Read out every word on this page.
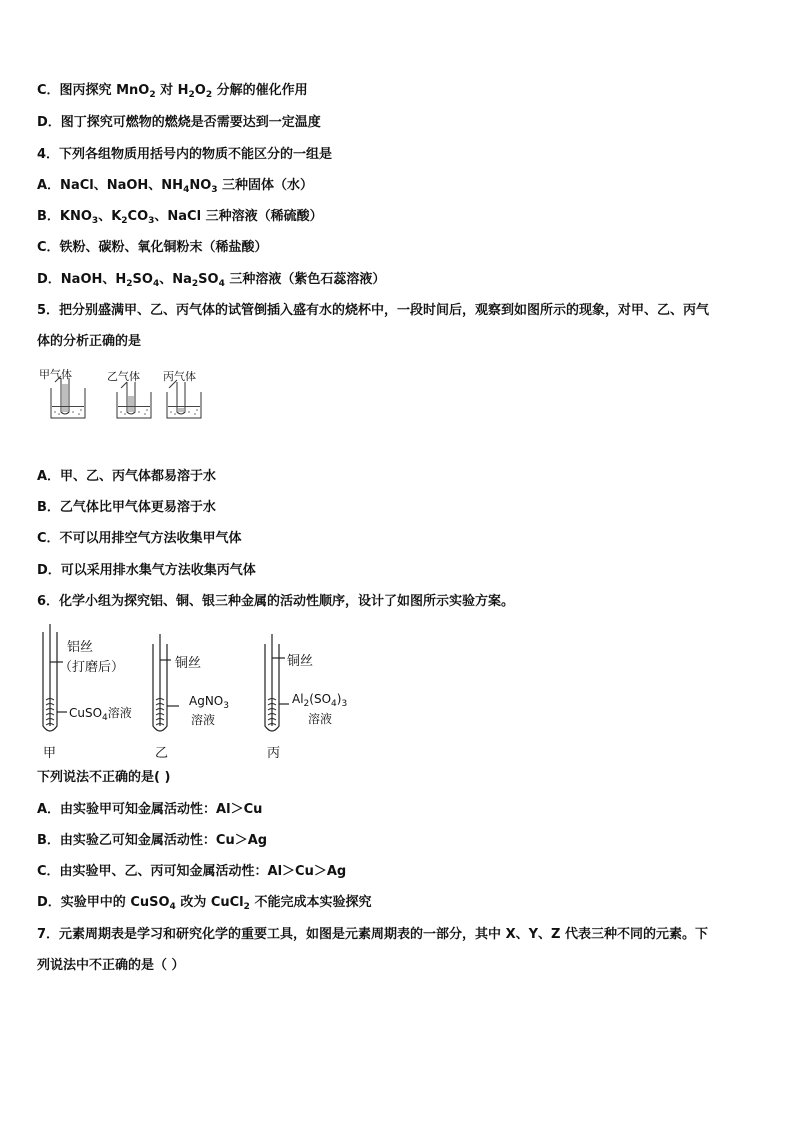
C．图丙探究 MnO$_2$ 对 $H_2O_2$ 分解的催化作用
D．图丁探究可燃物的燃烧是否需要达到一定温度
4．下列各组物质用括号内的物质不能区分的一组是
A．NaCl、NaOH、$NH_4NO_3$ 三种固体（水）
B．$KNO_3$、$K_2CO_3$、NaCl 三种溶液（稀硫酸）
C．铁粉、碳粉、氧化铜粉末（稀盐酸）
D．NaOH、$H_2SO_4$、$Na_2SO_4$ 三种溶液（紫色石蕊溶液）
5．把分别盛满甲、乙、丙气体的试管倒插入盛有水的烧杯中，一段时间后，观察到如图所示的现象，对甲、乙、丙气
体的分析正确的是
甲气体	乙气体 丙气体
A．甲、乙、丙气体都易溶于水
B．乙气体比甲气体更易溶于水
C．不可以用排空气方法收集甲气体
D．可以采用排水集气方法收集丙气体
6．化学小组为探究铝、铜、银三种金属的活动性顺序，设计了如图所示实验方案。
铝丝
（打磨后）
CuSO$_4$溶液
铜丝
AgNO$_3$
溶液
铜丝
$Al_2(SO_4)_3$
溶液
甲	乙	丙
下列说法不正确的是( )
A．由实验甲可知金属活动性：Al＞Cu
B．由实验乙可知金属活动性：Cu＞Ag
C．由实验甲、乙、丙可知金属活动性：Al＞Cu＞Ag
D．实验甲中的 CuSO$_4$ 改为 CuCl$_2$ 不能完成本实验探究
7．元素周期表是学习和研究化学的重要工具，如图是元素周期表的一部分，其中 X、Y、Z 代表三种不同的元素。下
列说法中不正确的是（ ）
